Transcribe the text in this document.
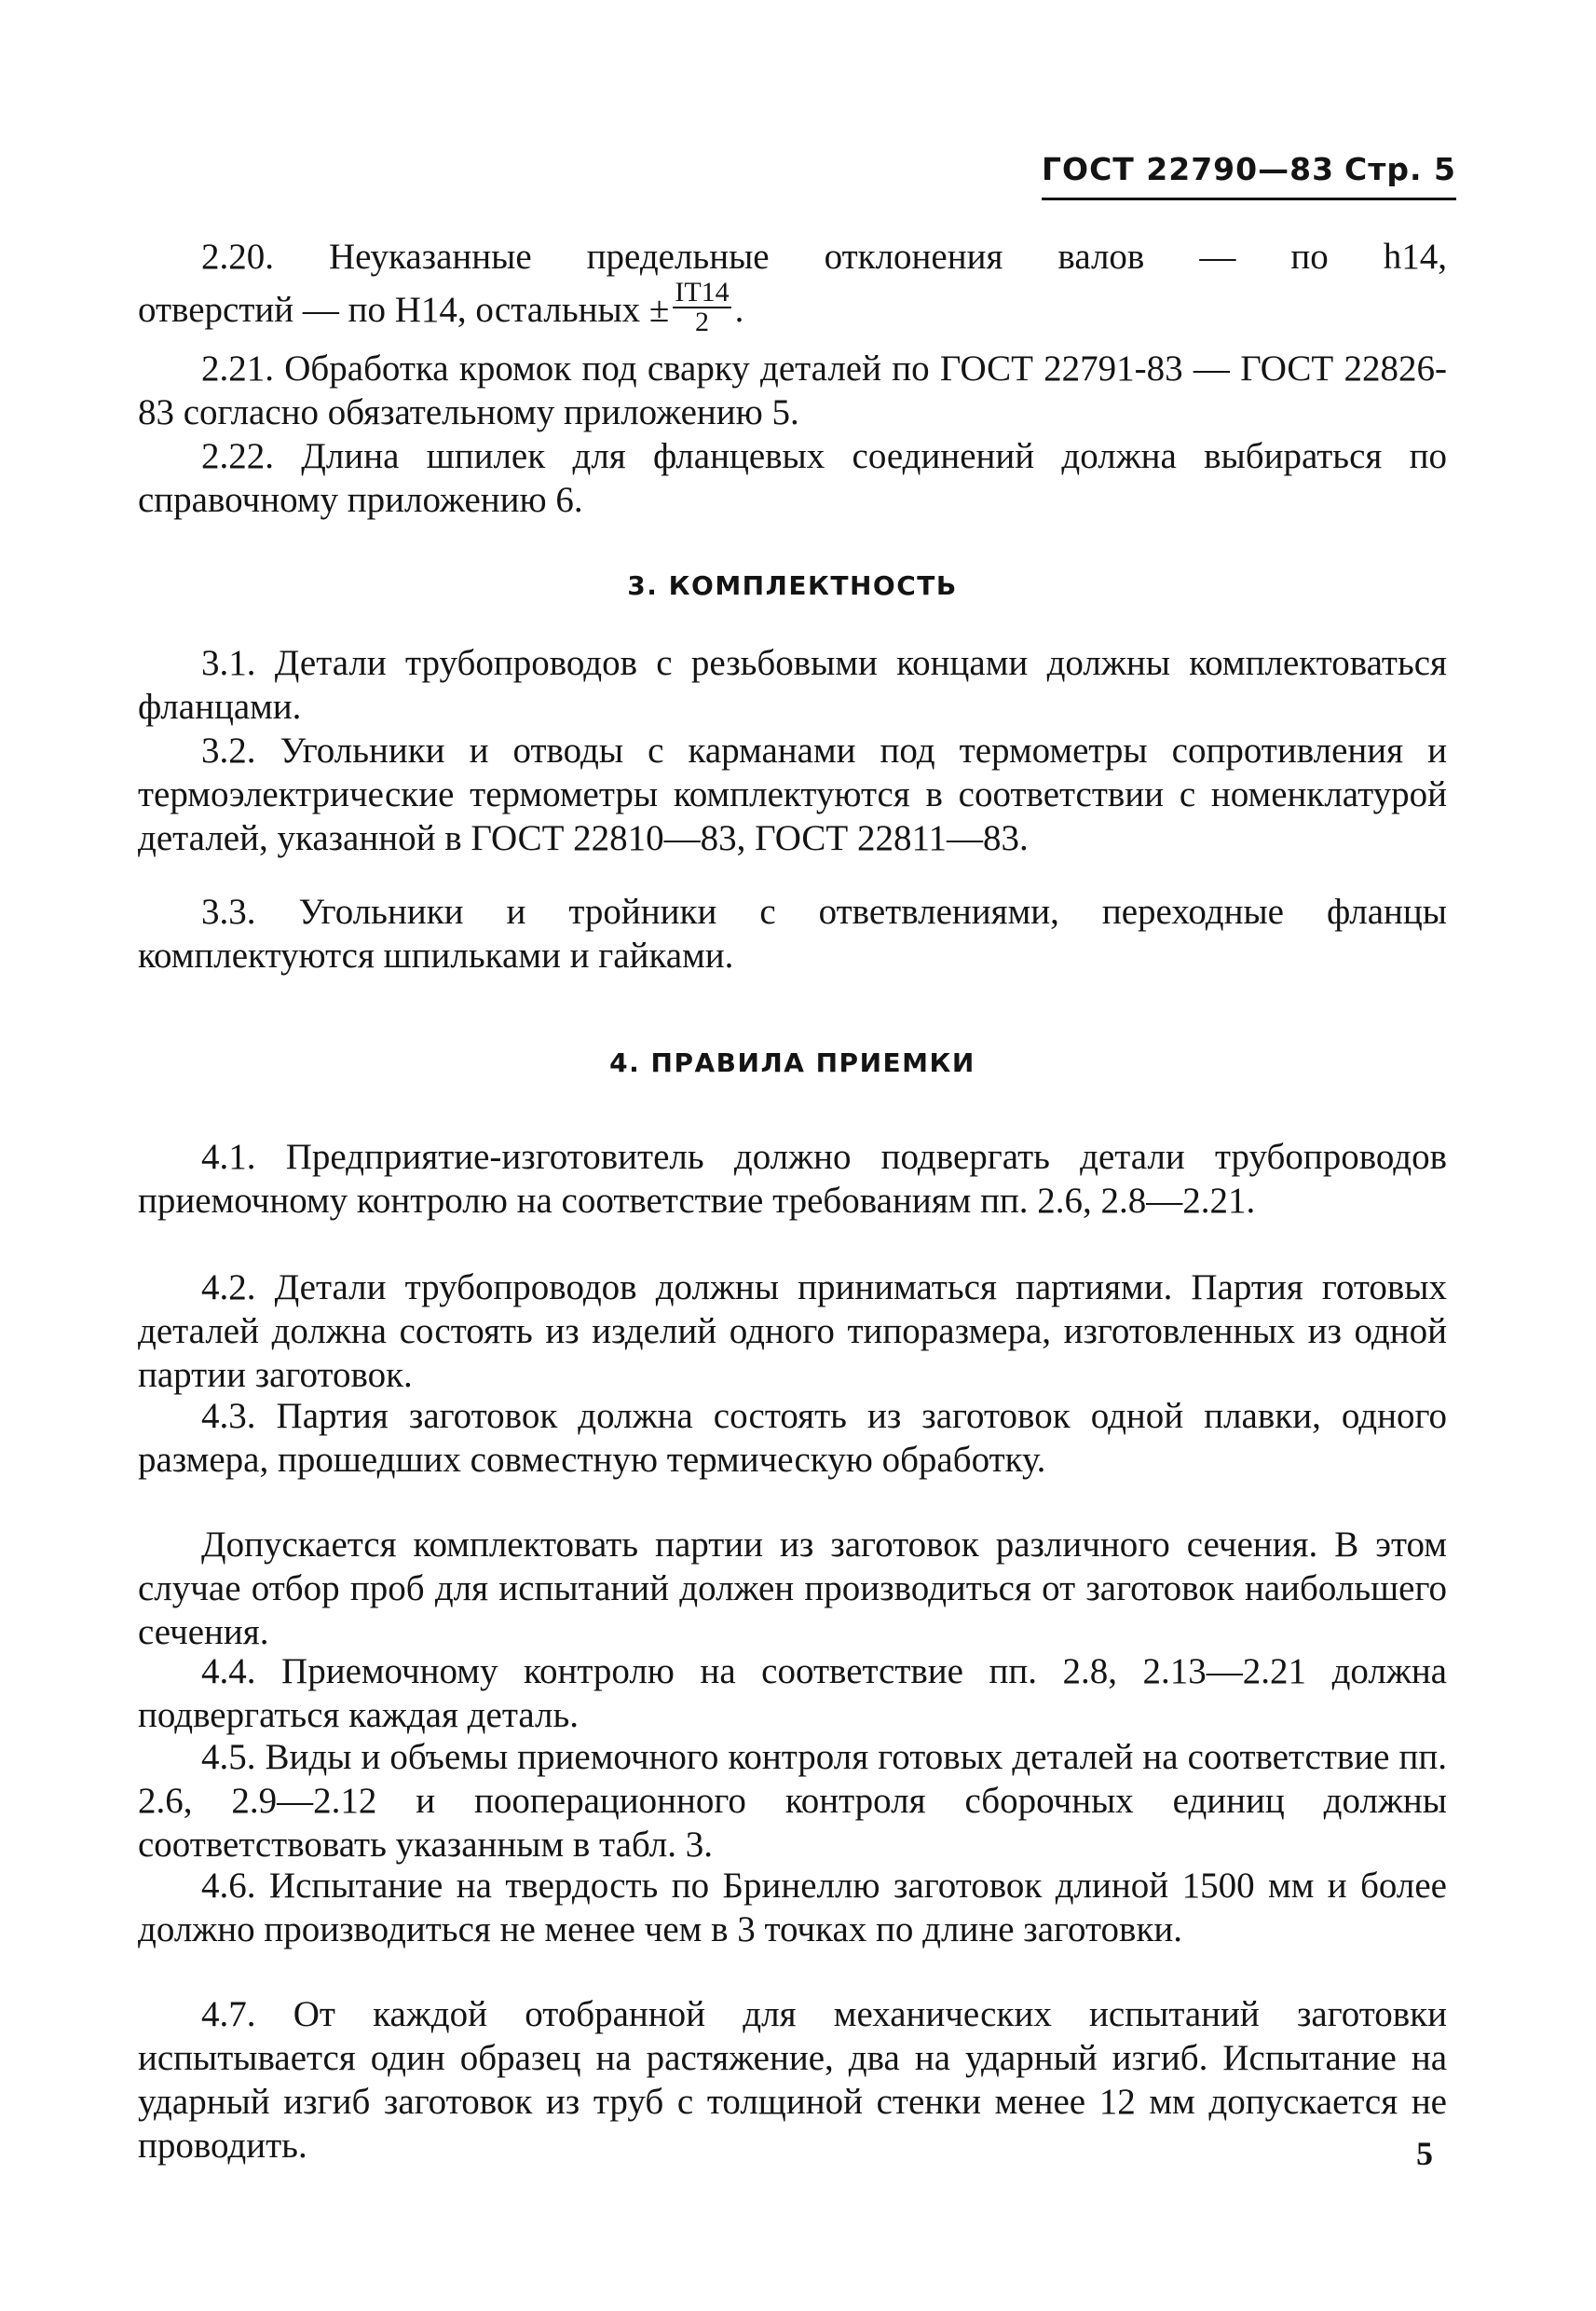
ГОСТ 22790—83 Стр. 5

2.20. Неуказанные предельные отклонения валов — по h14,

отверстий — по H14, остальных ± $\frac{IT14}{2}$ .

2.21. Обработка кромок под сварку деталей по ГОСТ 22791-83 — ГОСТ 22826-83 согласно обязательному приложению 5.

2.22. Длина шпилек для фланцевых соединений должна выбираться по справочному приложению 6.

3. КОМПЛЕКТНОСТЬ

3.1. Детали трубопроводов с резьбовыми концами должны комплектоваться фланцами.

3.2. Угольники и отводы с карманами под термометры сопротивления и термоэлектрические термометры комплектуются в соответствии с номенклатурой деталей, указанной в ГОСТ 22810—83, ГОСТ 22811—83.

3.3. Угольники и тройники с ответвлениями, переходные фланцы комплектуются шпильками и гайками.

4. ПРАВИЛА ПРИЕМКИ

4.1. Предприятие-изготовитель должно подвергать детали трубопроводов приемочному контролю на соответствие требованиям пп. 2.6, 2.8—2.21.

4.2. Детали трубопроводов должны приниматься партиями. Партия готовых деталей должна состоять из изделий одного типоразмера, изготовленных из одной партии заготовок.

4.3. Партия заготовок должна состоять из заготовок одной плавки, одного размера, прошедших совместную термическую обработку.

Допускается комплектовать партии из заготовок различного сечения. В этом случае отбор проб для испытаний должен производиться от заготовок наибольшего сечения.

4.4. Приемочному контролю на соответствие пп. 2.8, 2.13—2.21 должна подвергаться каждая деталь.

4.5. Виды и объемы приемочного контроля готовых деталей на соответствие пп. 2.6, 2.9—2.12 и пооперационного контроля сборочных единиц должны соответствовать указанным в табл. 3.

4.6. Испытание на твердость по Бринеллю заготовок длиной 1500 мм и более должно производиться не менее чем в 3 точках по длине заготовки.

4.7. От каждой отобранной для механических испытаний заготовки испытывается один образец на растяжение, два на ударный изгиб. Испытание на ударный изгиб заготовок из труб с толщиной стенки менее 12 мм допускается не проводить.	5
